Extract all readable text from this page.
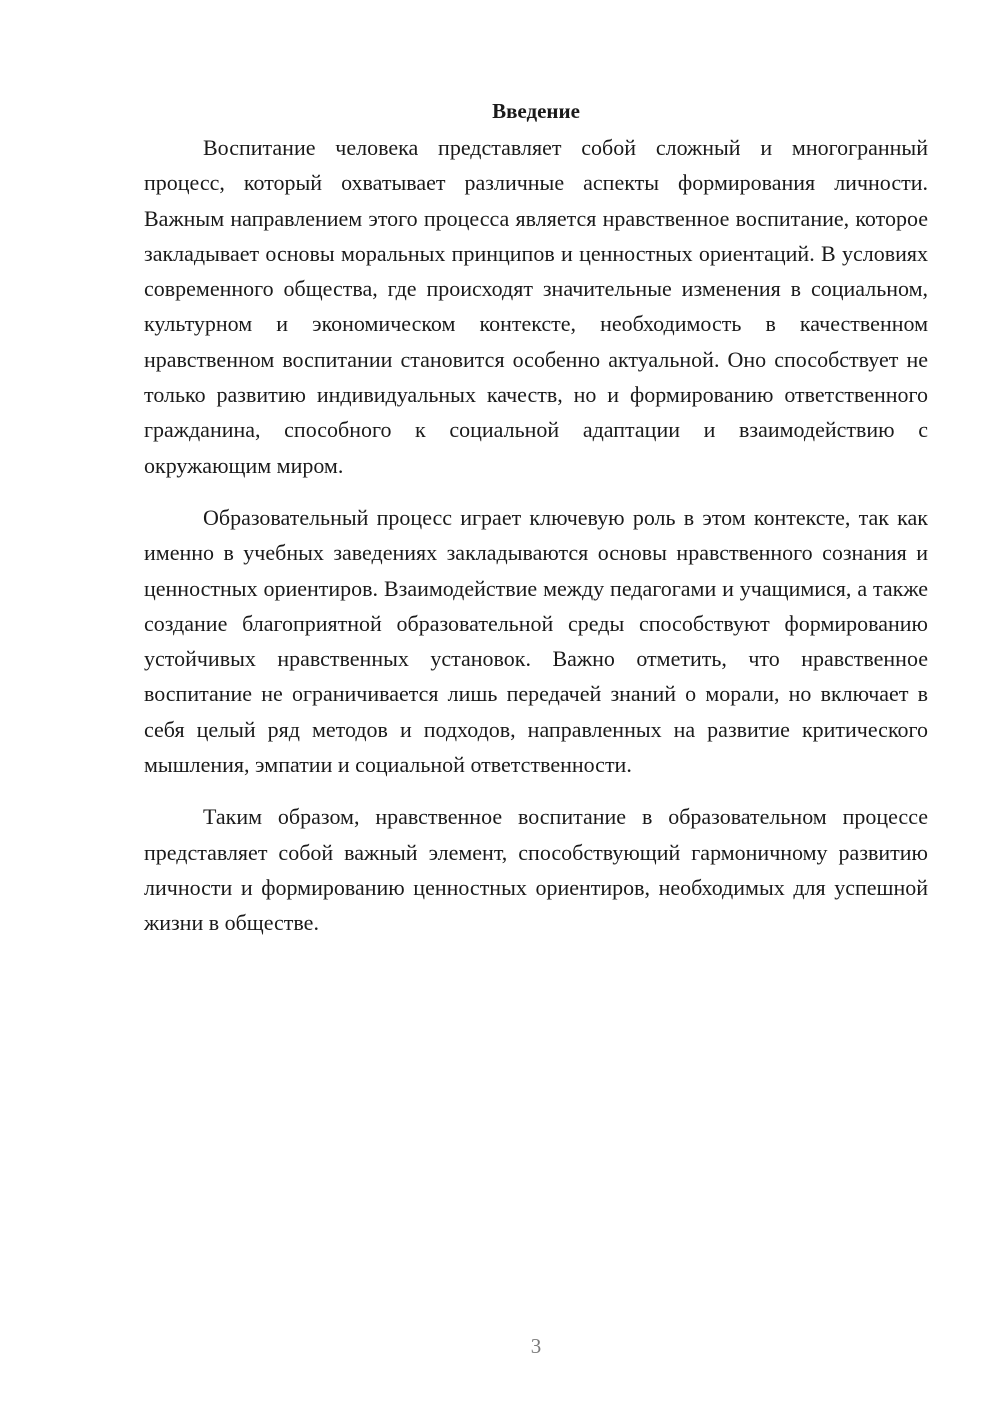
Введение

Воспитание человека представляет собой сложный и многогранный процесс, который охватывает различные аспекты формирования личности. Важным направлением этого процесса является нравственное воспитание, которое закладывает основы моральных принципов и ценностных ориентаций. В условиях современного общества, где происходят значительные изменения в социальном, культурном и экономическом контексте, необходимость в качественном нравственном воспитании становится особенно актуальной. Оно способствует не только развитию индивидуальных качеств, но и формированию ответственного гражданина, способного к социальной адаптации и взаимодействию с окружающим миром.

Образовательный процесс играет ключевую роль в этом контексте, так как именно в учебных заведениях закладываются основы нравственного сознания и ценностных ориентиров. Взаимодействие между педагогами и учащимися, а также создание благоприятной образовательной среды способствуют формированию устойчивых нравственных установок. Важно отметить, что нравственное воспитание не ограничивается лишь передачей знаний о морали, но включает в себя целый ряд методов и подходов, направленных на развитие критического мышления, эмпатии и социальной ответственности.

Таким образом, нравственное воспитание в образовательном процессе представляет собой важный элемент, способствующий гармоничному развитию личности и формированию ценностных ориентиров, необходимых для успешной жизни в обществе.

3
